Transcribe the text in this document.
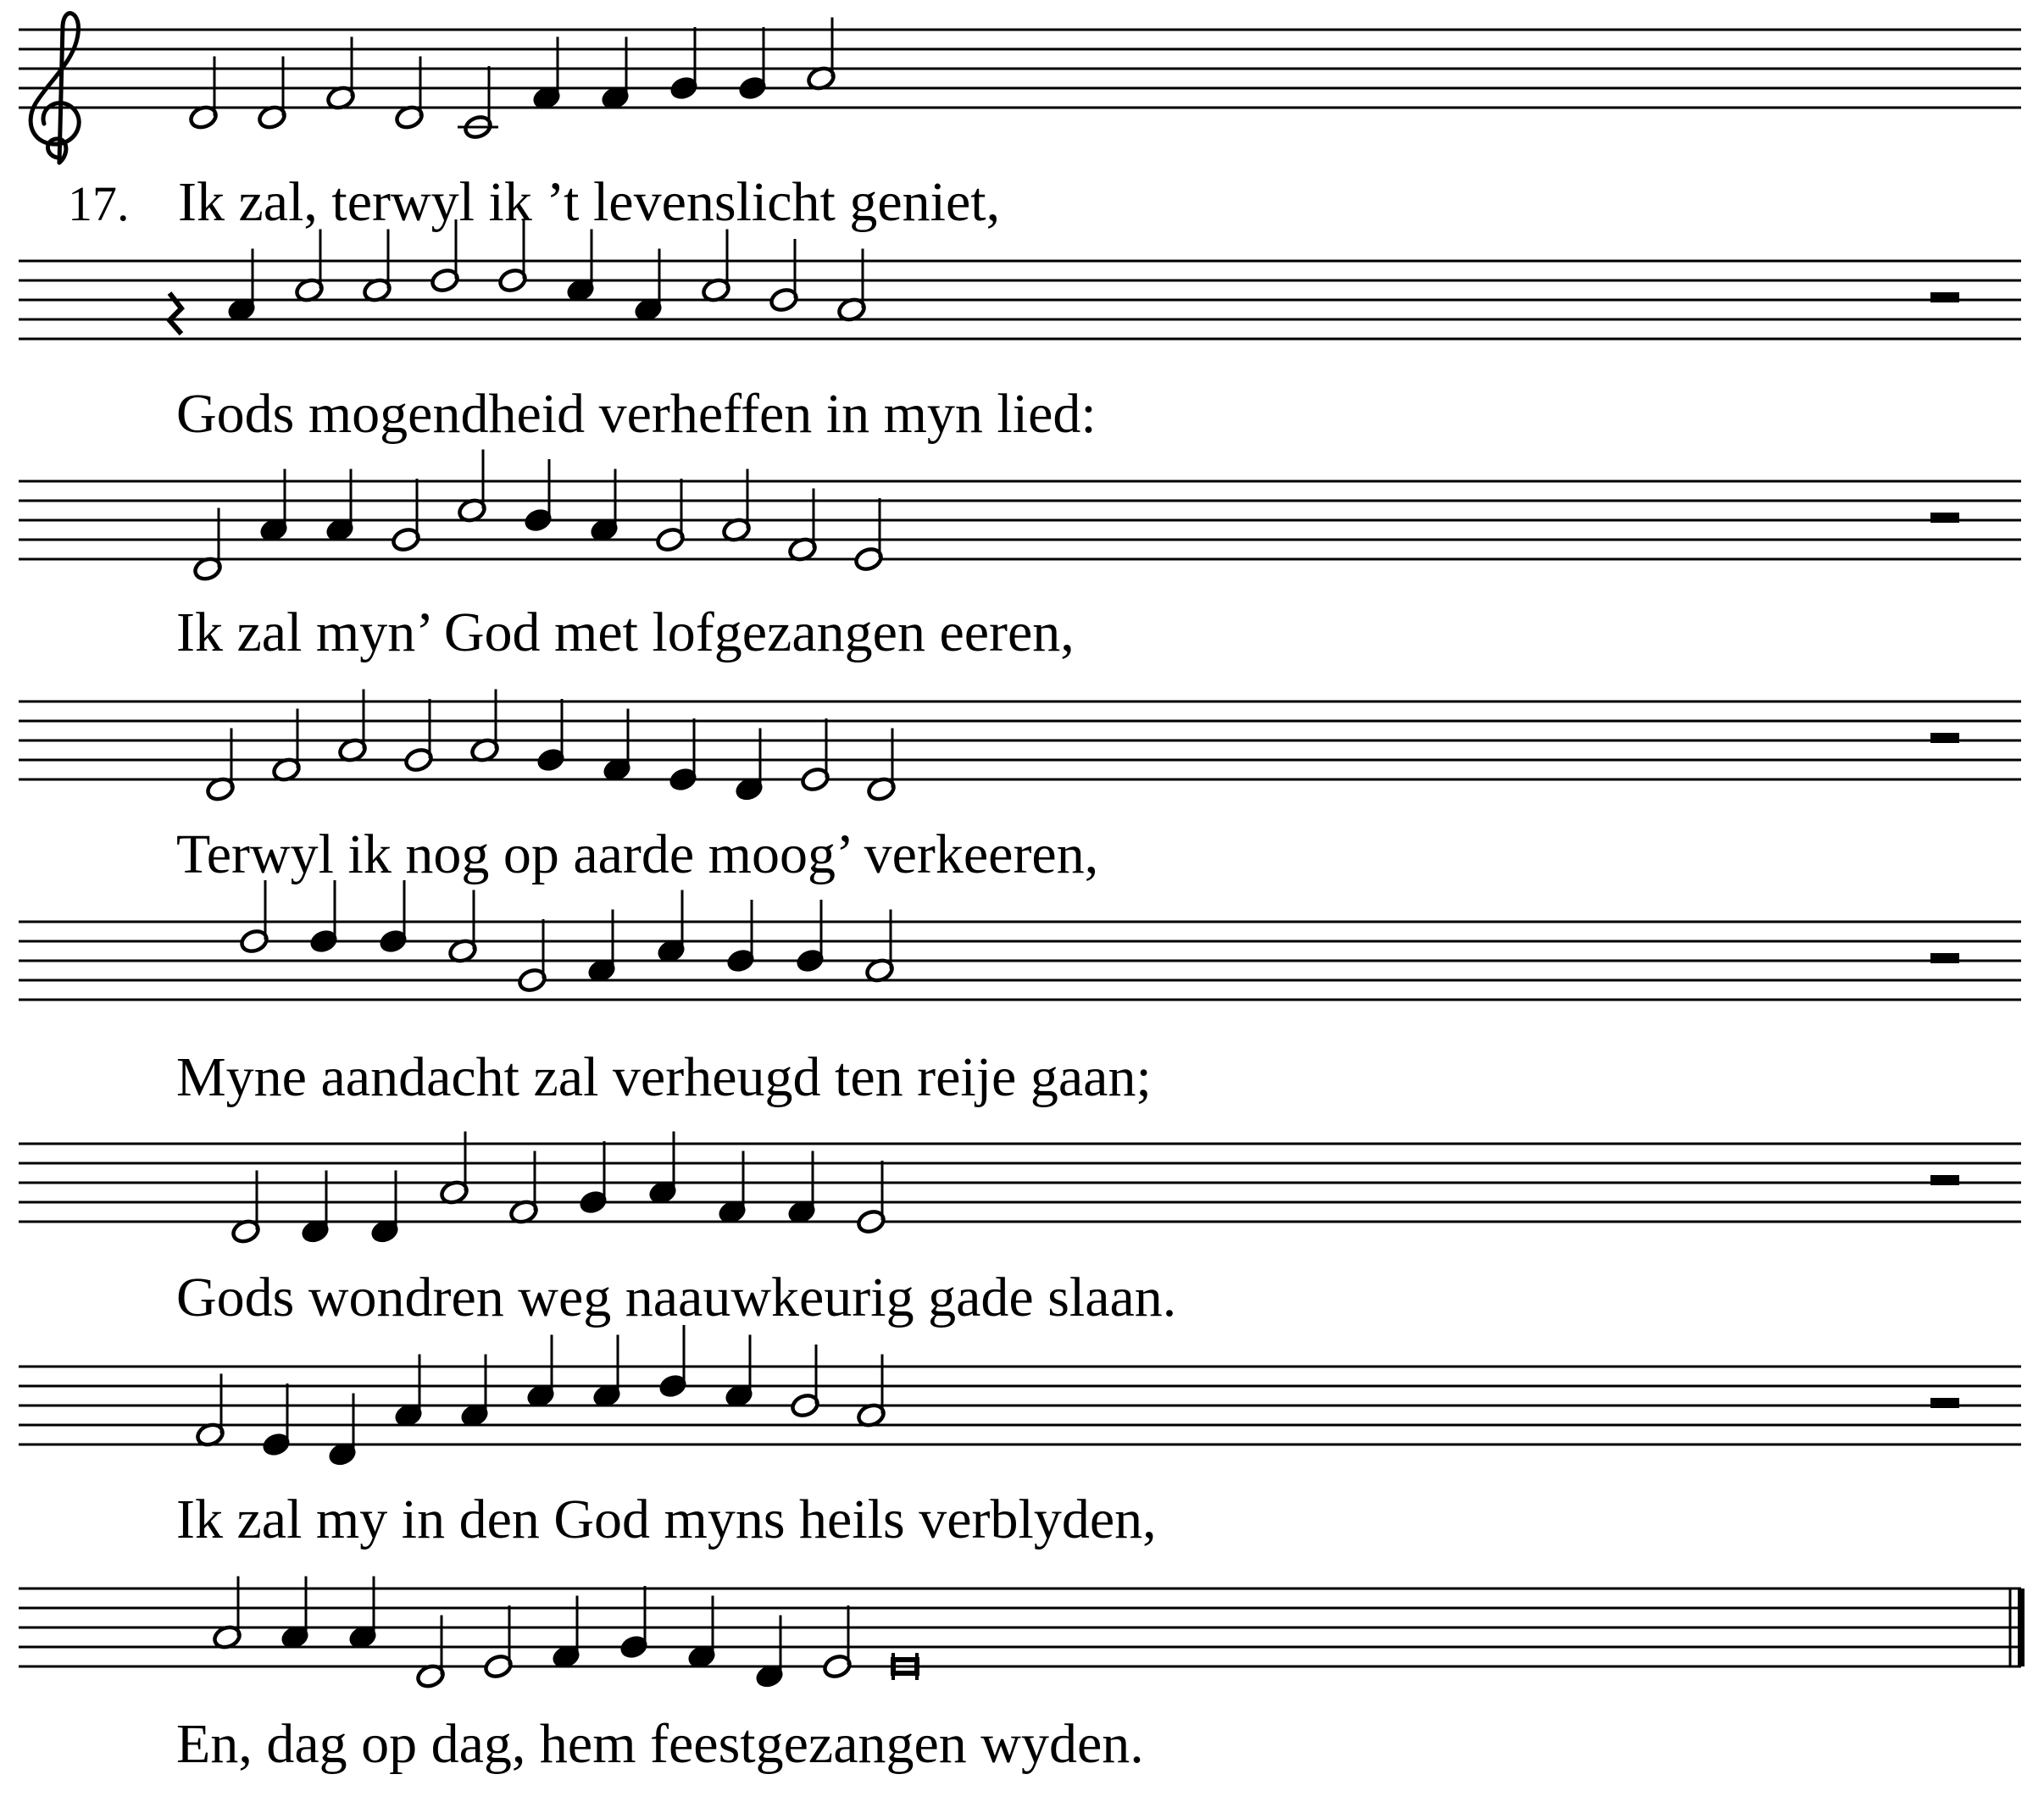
17. Ik zal, terwyl ik ’t levenslicht geniet,
Gods mogendheid verheffen in myn lied:
Ik zal myn’ God met lofgezangen eeren,
Terwyl ik nog op aarde moog’ verkeeren,
Myne aandacht zal verheugd ten reije gaan;
Gods wondren weg naauwkeurig gade slaan.
Ik zal my in den God myns heils verblyden,
En, dag op dag, hem feestgezangen wyden.
